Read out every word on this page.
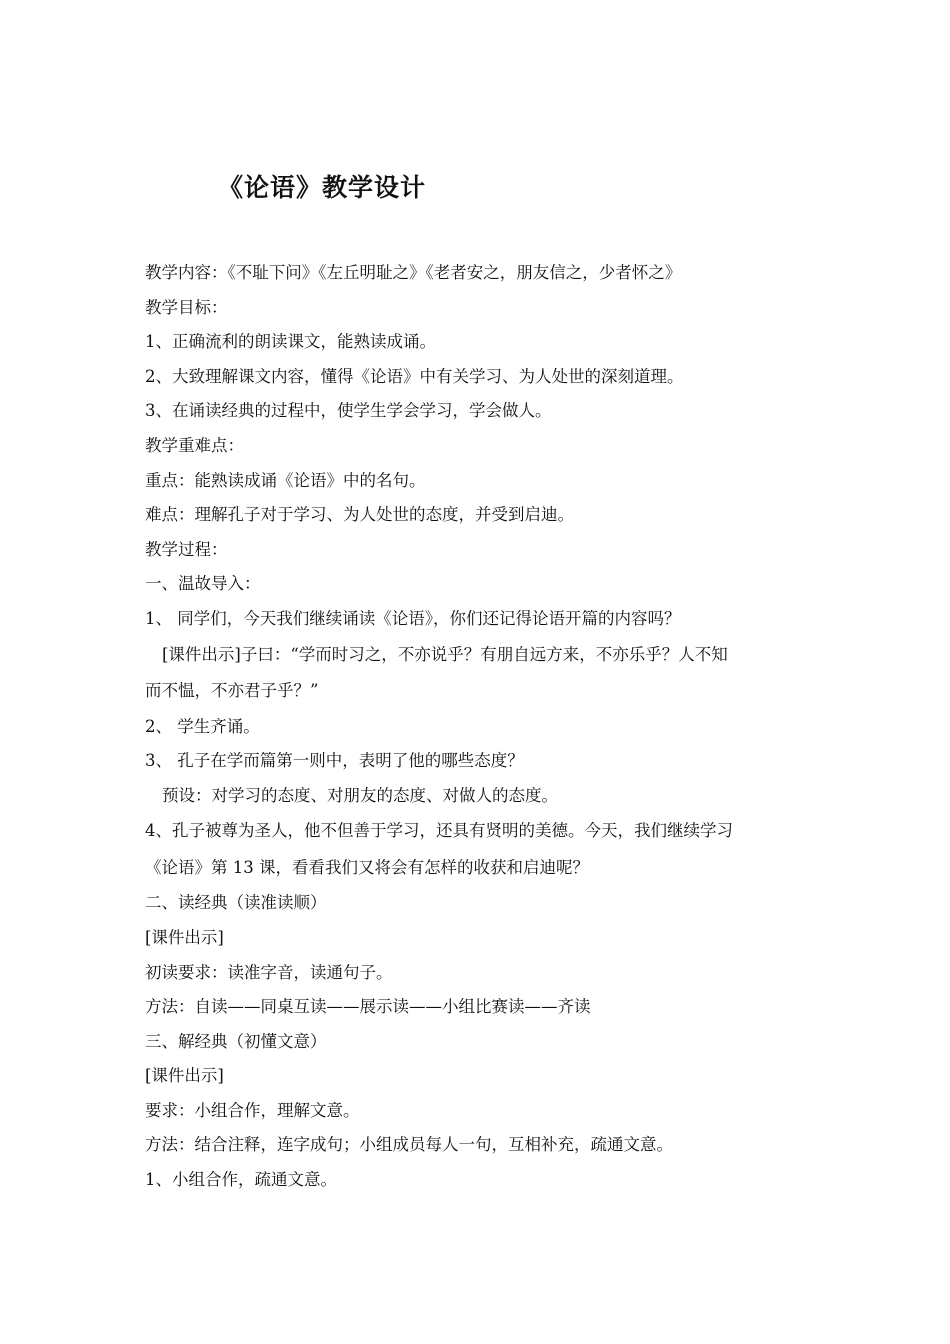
《论语》教学设计
教学内容：《不耻下问》《左丘明耻之》《老者安之，朋友信之，少者怀之》
教学目标：
1、正确流利的朗读课文，能熟读成诵。
2、大致理解课文内容，懂得《论语》中有关学习、为人处世的深刻道理。
3、在诵读经典的过程中，使学生学会学习，学会做人。
教学重难点：
重点：能熟读成诵《论语》中的名句。
难点：理解孔子对于学习、为人处世的态度，并受到启迪。
教学过程：
一、温故导入：
1、 同学们，今天我们继续诵读《论语》，你们还记得论语开篇的内容吗？
[课件出示]子曰：“学而时习之，不亦说乎？有朋自远方来，不亦乐乎？人不知
而不愠，不亦君子乎？”
2、 学生齐诵。
3、 孔子在学而篇第一则中，表明了他的哪些态度？
预设：对学习的态度、对朋友的态度、对做人的态度。
4、孔子被尊为圣人，他不但善于学习，还具有贤明的美德。今天，我们继续学习
《论语》第 13 课，看看我们又将会有怎样的收获和启迪呢？
二、读经典（读准读顺）
[课件出示]
初读要求：读准字音，读通句子。
方法：自读——同桌互读——展示读——小组比赛读——齐读
三、解经典（初懂文意）
[课件出示]
要求：小组合作，理解文意。
方法：结合注释，连字成句；小组成员每人一句，互相补充，疏通文意。
1、小组合作，疏通文意。
